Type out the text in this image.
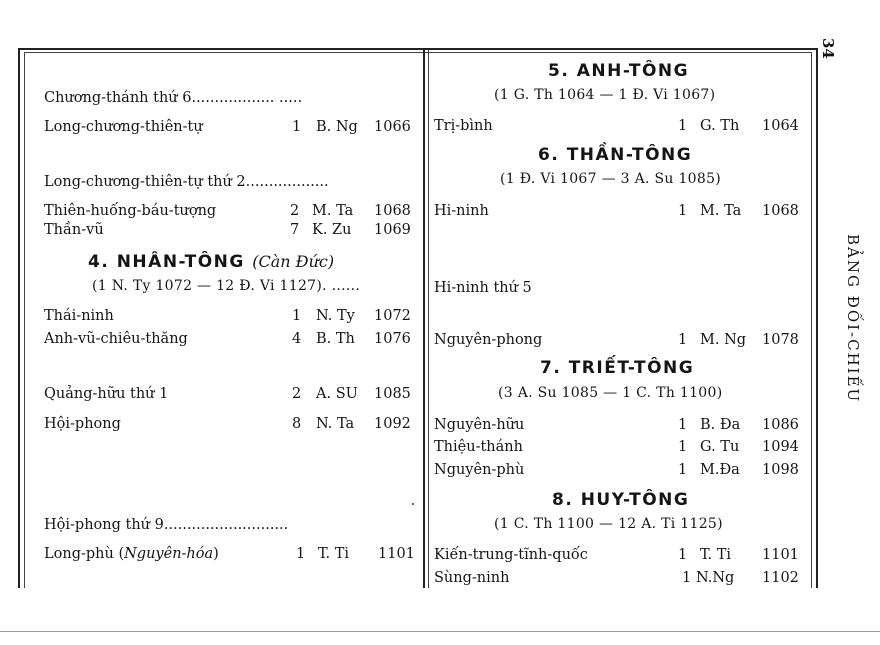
34
BẢNG ĐỐI-CHIẾU
Chương-thánh thứ 6.................. .....
Long-chương-thiên-tự	1 B. Ng 1066
Long-chương-thiên-tự thứ 2..................
Thiên-huống-báu-tượng	2 M. Ta 1068
Thần-vũ	7 K. Zu 1069
4. NHÂN-TÔNG (Càn Đức)
(1 N. Ty 1072 — 12 Đ. Vi 1127). ......
Thái-ninh	1 N. Ty 1072
Anh-vũ-chiêu-thăng	4 B. Th 1076
Quảng-hữu thứ 1	2 A. SU 1085
Hội-phong	8 N. Ta 1092
Hội-phong thứ 9...........................
Long-phù (Nguyên-hóa)	1 T. Ti 1101
5. ANH-TÔNG
(1 G. Th 1064 — 1 Đ. Vi 1067)
Trị-bình	1 G. Th 1064
6. THẦN-TÔNG
(1 Đ. Vi 1067 — 3 A. Su 1085)
Hi-ninh	1 M. Ta 1068
Hi-ninh thứ 5
Nguyên-phong	1 M. Ng 1078
7. TRIẾT-TÔNG
(3 A. Su 1085 — 1 C. Th 1100)
Nguyên-hữu	1 B. Đa 1086
Thiệu-thánh	1 G. Tu 1094
Nguyên-phù	1 M.Đa 1098
8. HUY-TÔNG
(1 C. Th 1100 — 12 A. Ti 1125)
Kiến-trung-tĩnh-quốc	1 T. Ti 1101
Sùng-ninh	1 N.Ng 1102
